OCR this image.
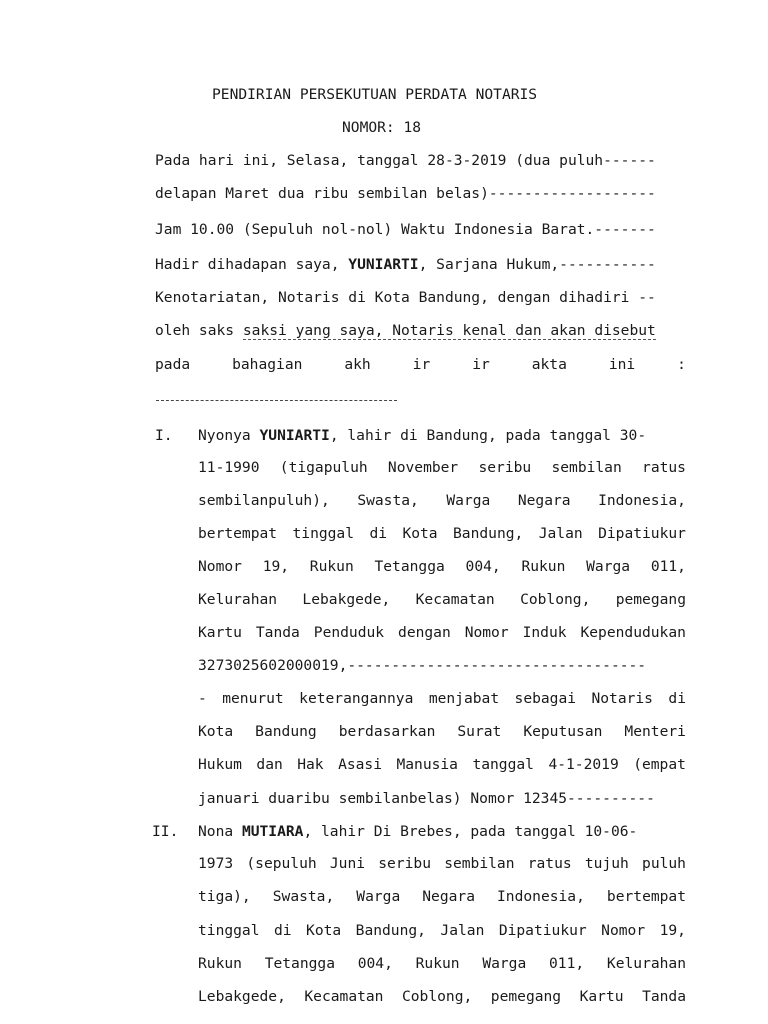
PENDIRIAN PERSEKUTUAN PERDATA NOTARIS
NOMOR: 18
Pada hari ini, Selasa, tanggal 28-3-2019 (dua puluh------
delapan Maret dua ribu sembilan belas)-------------------
Jam 10.00 (Sepuluh nol-nol) Waktu Indonesia Barat.-------
Hadir dihadapan saya, YUNIARTI, Sarjana Hukum,-----------
Kenotariatan, Notaris di Kota Bandung, dengan dihadiri --
oleh saks saksi yang saya, Notaris kenal dan akan disebut
pada	bahagian	akh	ir	ir	akta	ini	:
I. Nyonya YUNIARTI, lahir di Bandung, pada tanggal 30-
11-1990 (tigapuluh November seribu sembilan ratus
sembilanpuluh), Swasta, Warga Negara Indonesia,
bertempat tinggal di Kota Bandung, Jalan Dipatiukur
Nomor 19, Rukun Tetangga 004, Rukun Warga 011,
Kelurahan Lebakgede, Kecamatan Coblong, pemegang
Kartu Tanda Penduduk dengan Nomor Induk Kependudukan
3273025602000019,----------------------------------
- menurut keterangannya menjabat sebagai Notaris di
Kota Bandung berdasarkan Surat Keputusan Menteri
Hukum dan Hak Asasi Manusia tanggal 4-1-2019 (empat
januari duaribu sembilanbelas) Nomor 12345----------
II. Nona MUTIARA, lahir Di Brebes, pada tanggal 10-06-
1973 (sepuluh Juni seribu sembilan ratus tujuh puluh
tiga), Swasta, Warga Negara Indonesia, bertempat
tinggal di Kota Bandung, Jalan Dipatiukur Nomor 19,
Rukun Tetangga 004, Rukun Warga 011, Kelurahan
Lebakgede, Kecamatan Coblong, pemegang Kartu Tanda
